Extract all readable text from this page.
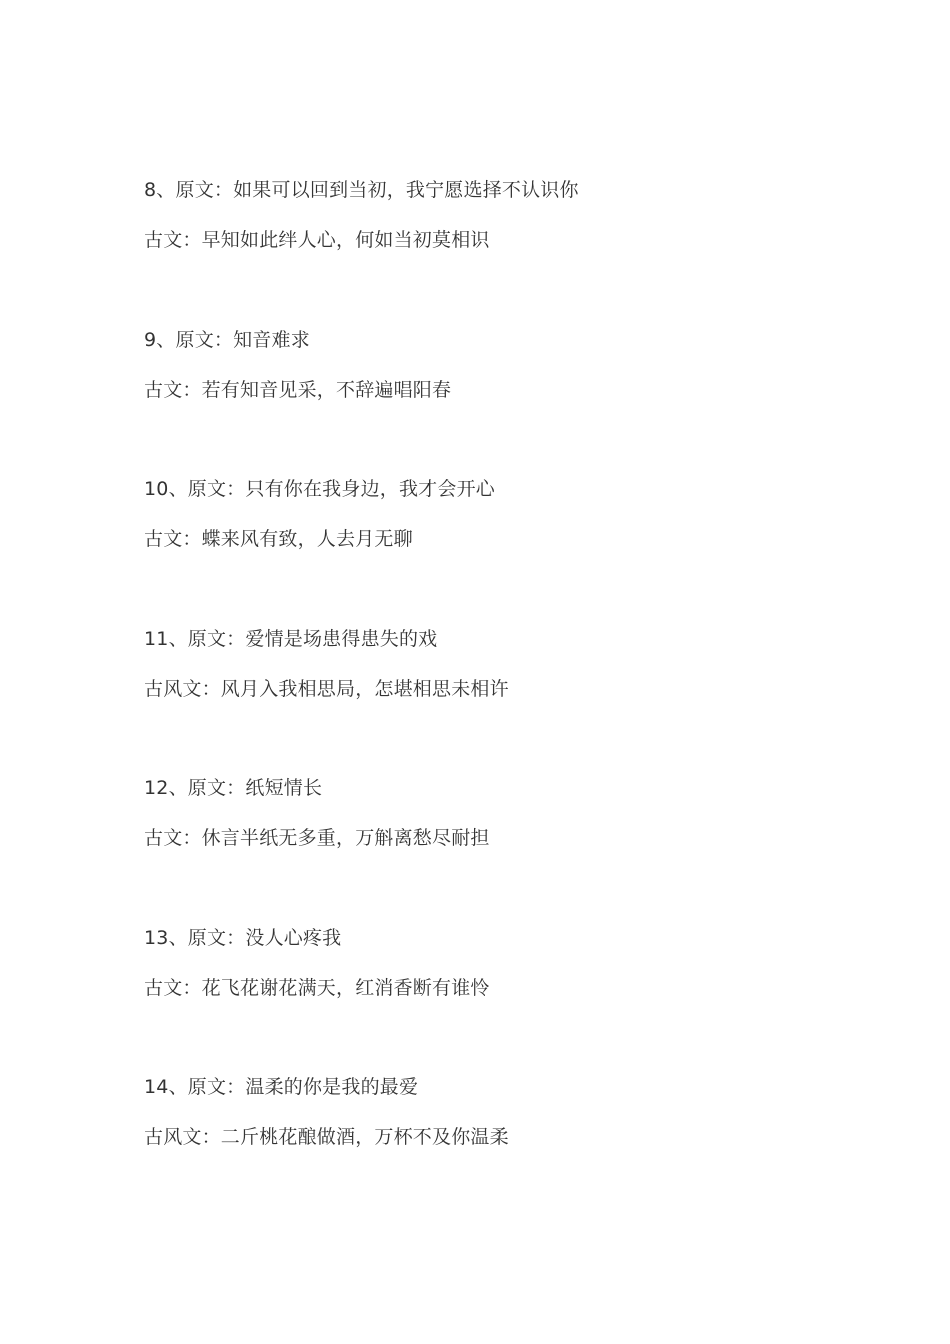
8、原文：如果可以回到当初，我宁愿选择不认识你
古文：早知如此绊人心，何如当初莫相识
9、原文：知音难求
古文：若有知音见采，不辞遍唱阳春
10、原文：只有你在我身边，我才会开心
古文：蝶来风有致，人去月无聊
11、原文：爱情是场患得患失的戏
古风文：风月入我相思局，怎堪相思未相许
12、原文：纸短情长
古文：休言半纸无多重，万斛离愁尽耐担
13、原文：没人心疼我
古文：花飞花谢花满天，红消香断有谁怜
14、原文：温柔的你是我的最爱
古风文：二斤桃花酿做酒，万杯不及你温柔
